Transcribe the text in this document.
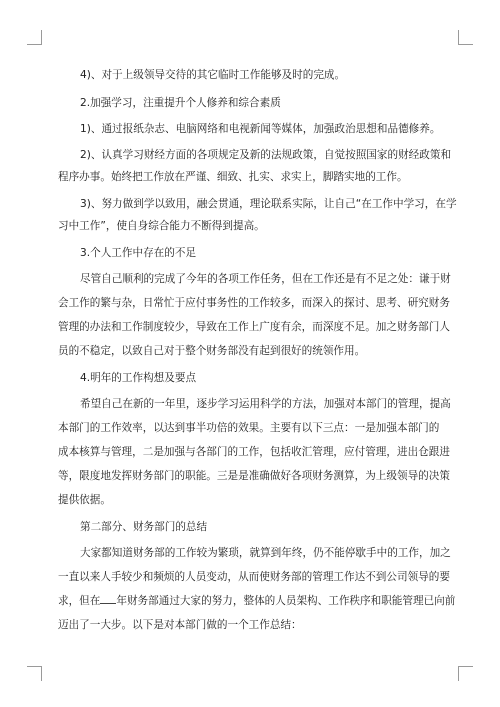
4)、对于上级领导交待的其它临时工作能够及时的完成。
2.加强学习，注重提升个人修养和综合素质
1)、通过报纸杂志、电脑网络和电视新闻等媒体，加强政治思想和品德修养。
2)、认真学习财经方面的各项规定及新的法规政策，自觉按照国家的财经政策和
程序办事。始终把工作放在严谨、细致、扎实、求实上，脚踏实地的工作。
3)、努力做到学以致用，融会贯通，理论联系实际，让自己“在工作中学习，在学
习中工作”，使自身综合能力不断得到提高。
3.个人工作中存在的不足
尽管自己顺利的完成了今年的各项工作任务，但在工作还是有不足之处：谦于财
会工作的繁与杂，日常忙于应付事务性的工作较多，而深入的探讨、思考、研究财务
管理的办法和工作制度较少，导致在工作上广度有余，而深度不足。加之财务部门人
员的不稳定，以致自己对于整个财务部没有起到很好的统领作用。
4.明年的工作构想及要点
希望自己在新的一年里，逐步学习运用科学的方法，加强对本部门的管理，提高
本部门的工作效率，以达到事半功倍的效果。主要有以下三点：一是加强本部门的
成本核算与管理，二是加强与各部门的工作，包括收汇管理，应付管理，进出仓跟进
等，限度地发挥财务部门的职能。三是是准确做好各项财务测算，为上级领导的决策
提供依据。
第二部分、财务部门的总结
大家都知道财务部的工作较为繁琐，就算到年终，仍不能停歇手中的工作，加之
一直以来人手较少和频烦的人员变动，从而使财务部的管理工作达不到公司领导的要
求，但在 年财务部通过大家的努力，整体的人员架构、工作秩序和职能管理已向前
迈出了一大步。以下是对本部门做的一个工作总结：
